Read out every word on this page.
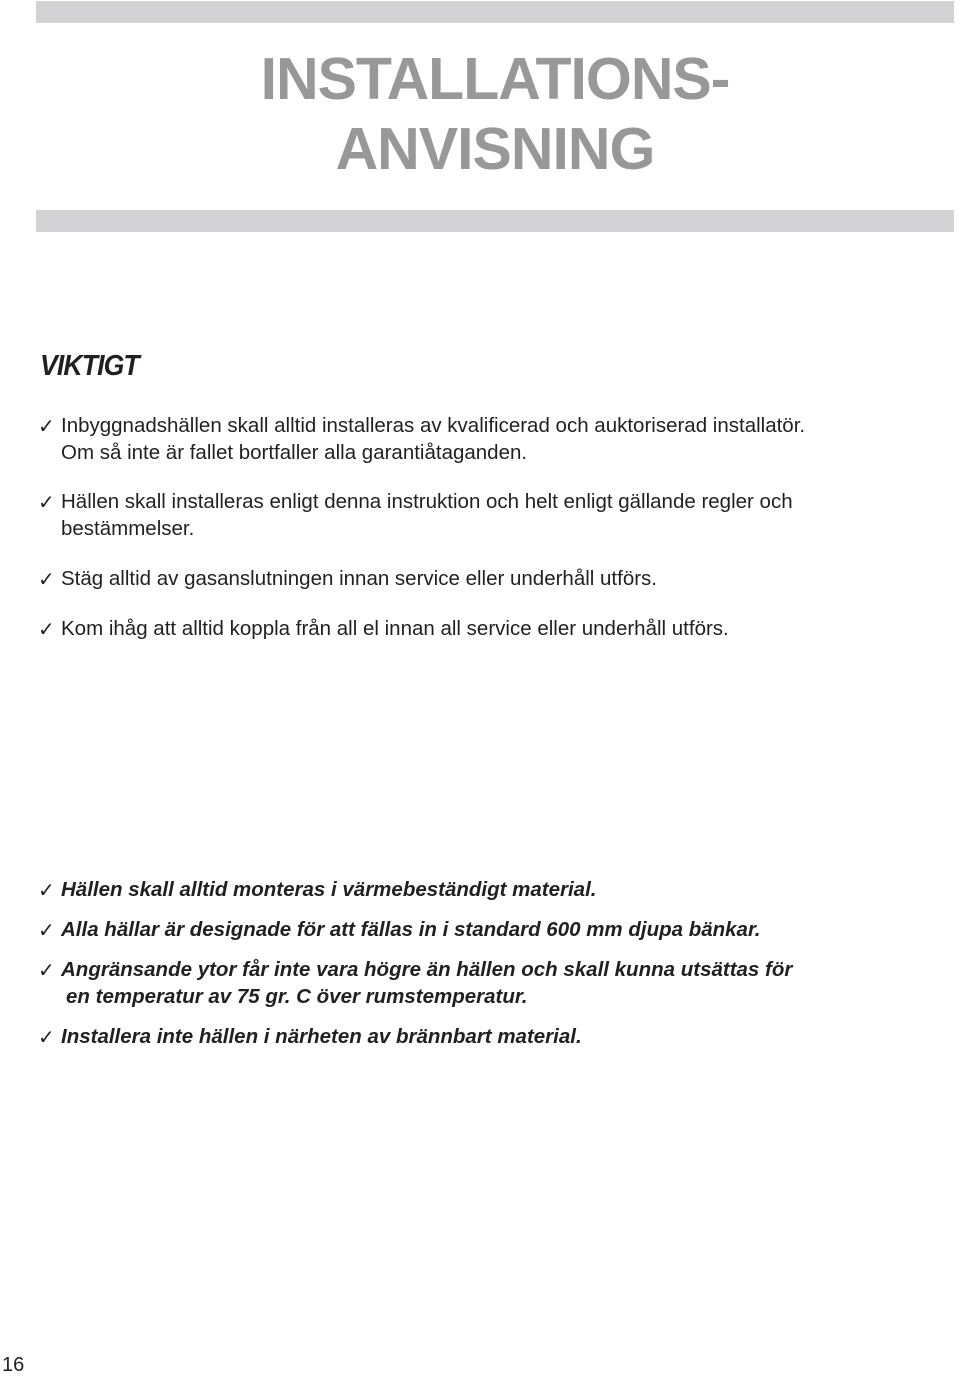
INSTALLATIONS-
ANVISNING
VIKTIGT
✓ Inbyggnadshällen skall alltid installeras av kvalificerad och auktoriserad installatör.
Om så inte är fallet bortfaller alla garantiåtaganden.
✓ Hällen skall installeras enligt denna instruktion och helt enligt gällande regler och
bestämmelser.
✓ Stäg alltid av gasanslutningen innan service eller underhåll utförs.
✓ Kom ihåg att alltid koppla från all el innan all service eller underhåll utförs.
✓ Hällen skall alltid monteras i värmebeständigt material.
✓ Alla hällar är designade för att fällas in i standard 600 mm djupa bänkar.
✓ Angränsande ytor får inte vara högre än hällen och skall kunna utsättas för
en temperatur av 75 gr. C över rumstemperatur.
✓ Installera inte hällen i närheten av brännbart material.

16
